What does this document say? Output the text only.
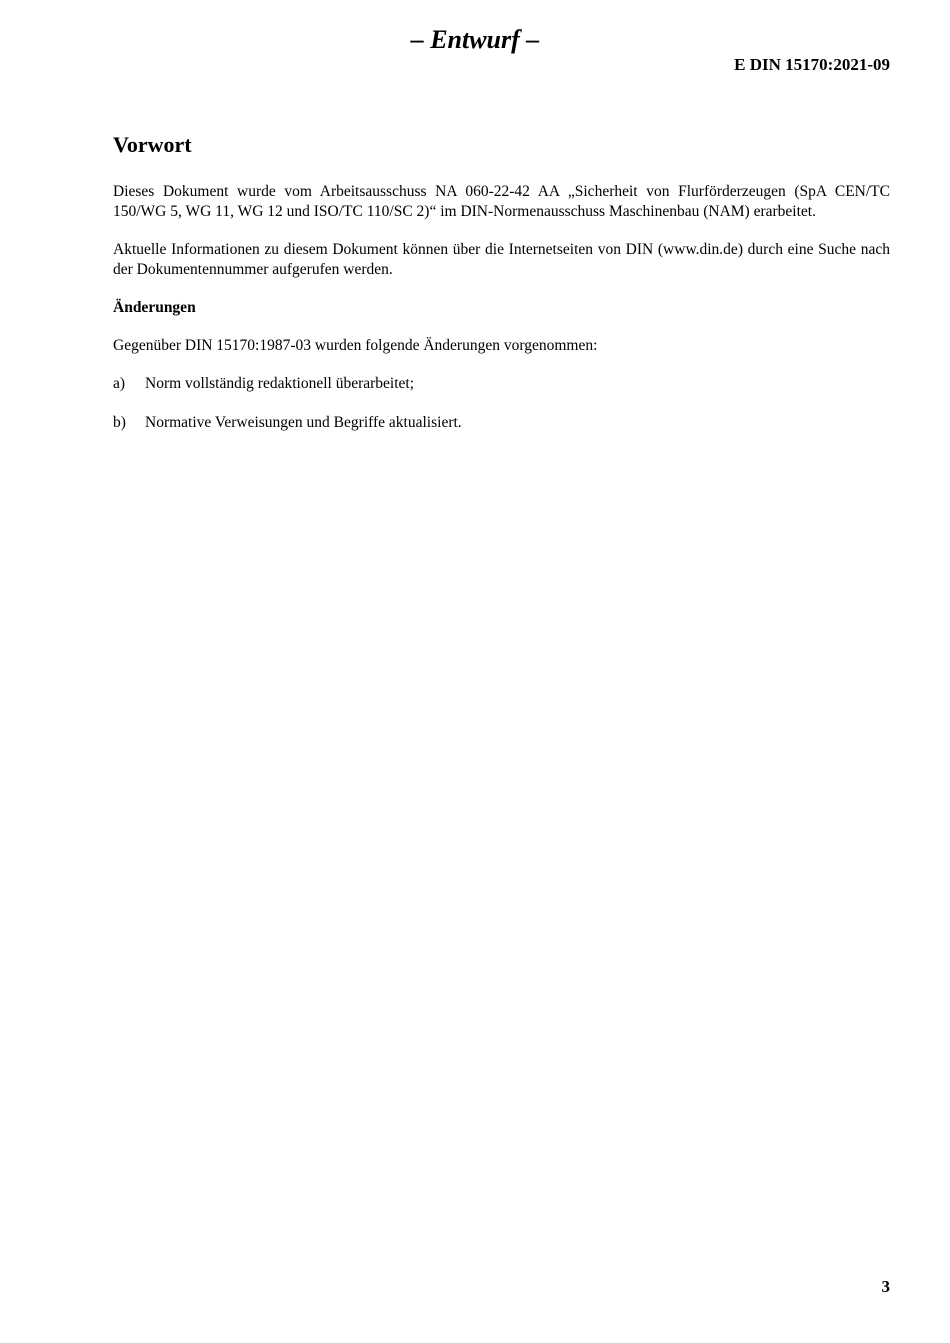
– Entwurf –
E DIN 15170:2021-09
Vorwort

Dieses Dokument wurde vom Arbeitsausschuss NA 060-22-42 AA „Sicherheit von Flurförderzeugen (SpA CEN/TC 150/WG 5, WG 11, WG 12 und ISO/TC 110/SC 2)“ im DIN-Normenausschuss Maschinenbau (NAM) erarbeitet.

Aktuelle Informationen zu diesem Dokument können über die Internetseiten von DIN (www.din.de) durch eine Suche nach der Dokumentennummer aufgerufen werden.

Änderungen

Gegenüber DIN 15170:1987-03 wurden folgende Änderungen vorgenommen:

a)	Norm vollständig redaktionell überarbeitet;
b)	Normative Verweisungen und Begriffe aktualisiert.
3
